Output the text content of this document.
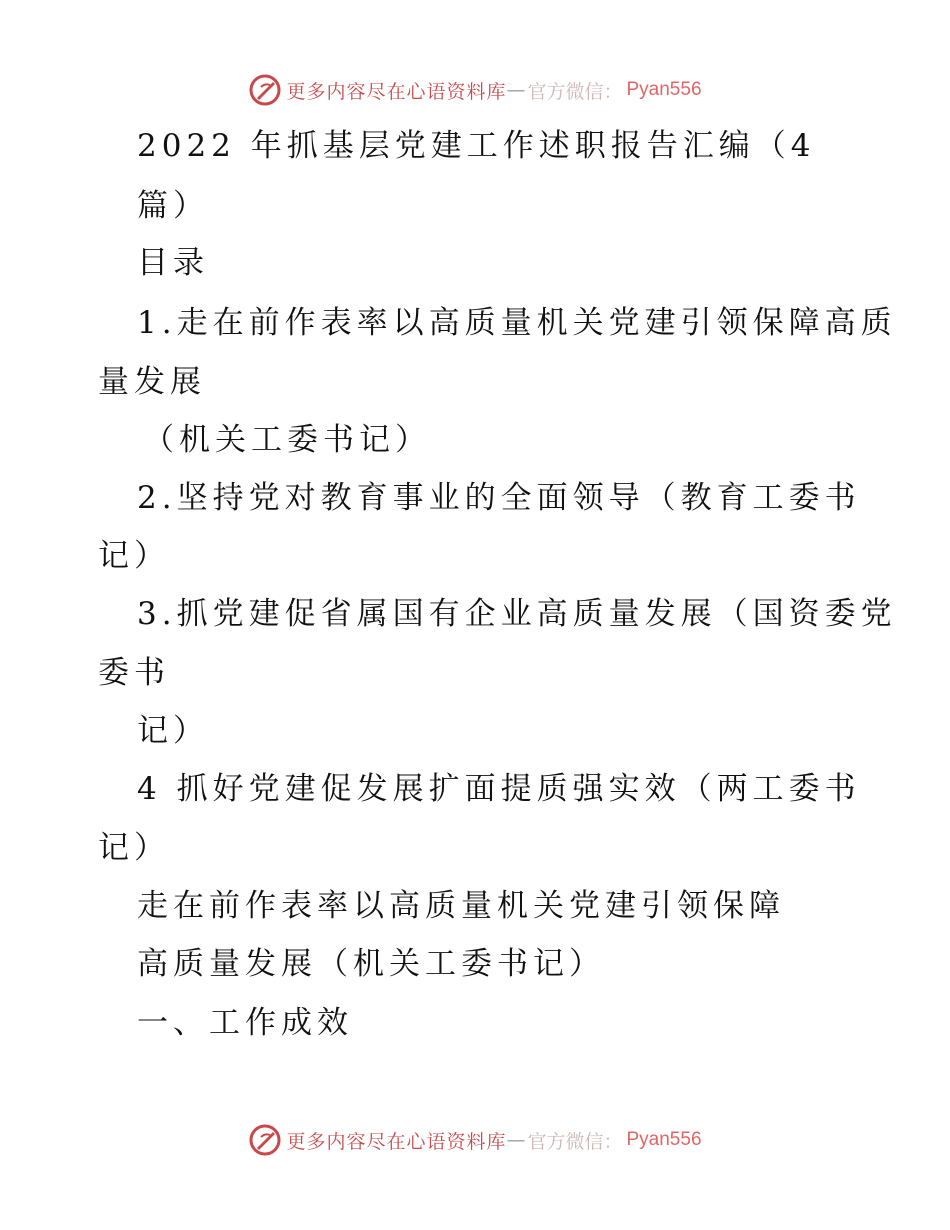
更多内容尽在心语资料库 — 官方微信： Pyan556
2022 年抓基层党建工作述职报告汇编（4
篇）
目录
1.走在前作表率以高质量机关党建引领保障高质
量发展
（机关工委书记）
2.坚持党对教育事业的全面领导（教育工委书
记）
3.抓党建促省属国有企业高质量发展（国资委党
委书
记）
4 抓好党建促发展扩面提质强实效（两工委书
记）
走在前作表率以高质量机关党建引领保障
高质量发展（机关工委书记）
一、工作成效
更多内容尽在心语资料库 — 官方微信： Pyan556
